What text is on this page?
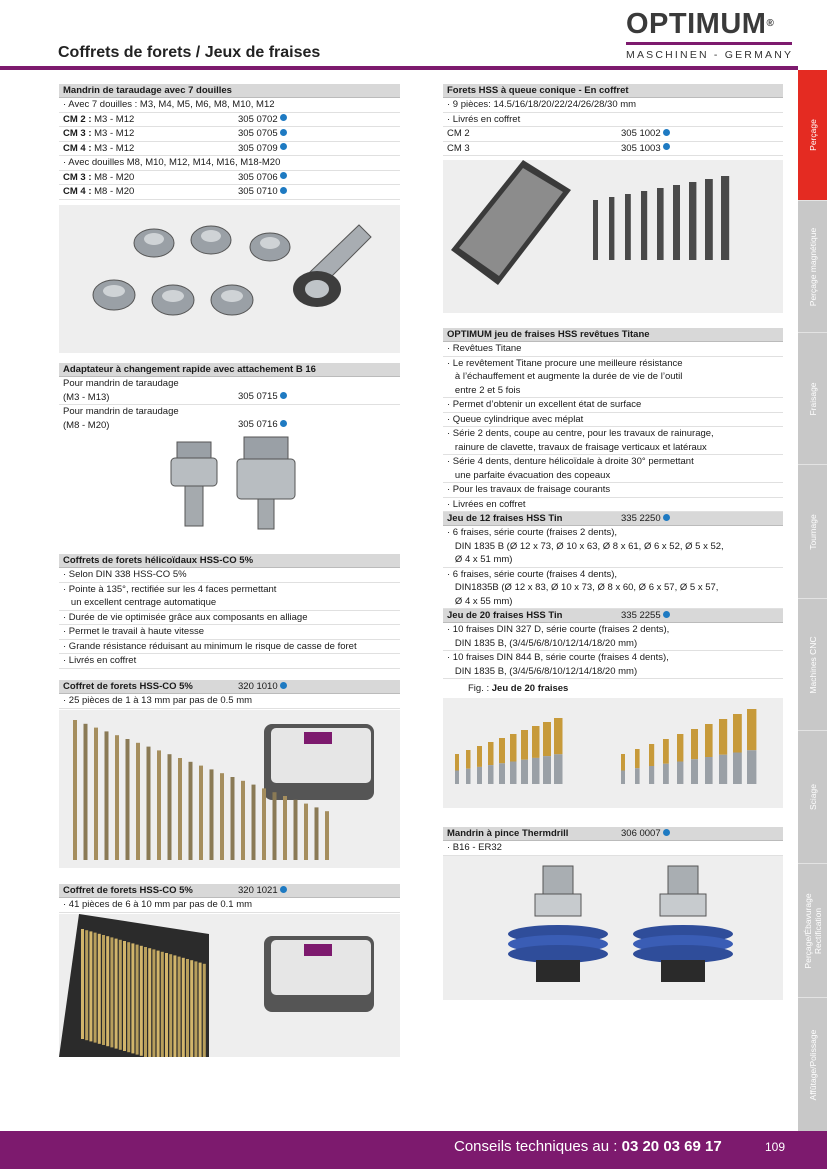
Coffrets de forets / Jeux de fraises
OPTIMUM®
MASCHINEN - GERMANY
Perçage
Perçage magnétique
Fraisage
Tournage
Machines CNC
Sciage
Perçage/Ébavurage Rectification
Affûtage/Polissage
Mandrin de taraudage avec 7 douilles
· Avec 7 douilles : M3, M4, M5, M6, M8, M10, M12
CM 2 : M3 - M12	305 0702
CM 3 : M3 - M12	305 0705
CM 4 : M3 - M12	305 0709
· Avec douilles M8, M10, M12, M14, M16, M18-M20
CM 3 : M8 - M20	305 0706
CM 4 : M8 - M20	305 0710
Adaptateur à changement rapide avec attachement B 16
Pour mandrin de taraudage
(M3 - M13)	305 0715
Pour mandrin de taraudage
(M8 - M20)	305 0716
Coffrets de forets hélicoïdaux HSS-CO 5%
· Selon DIN 338 HSS-CO 5%
· Pointe à 135°, rectifiée sur les 4 faces permettant
un excellent centrage automatique
· Durée de vie optimisée grâce aux composants en alliage
· Permet le travail à haute vitesse
· Grande résistance réduisant au minimum le risque de casse de foret
· Livrés en coffret
Coffret de forets HSS-CO 5%	320 1010
· 25 pièces de 1 à 13 mm par pas de 0.5 mm
Coffret de forets HSS-CO 5%	320 1021
· 41 pièces de 6 à 10 mm par pas de 0.1 mm
Forets HSS à queue conique - En coffret
· 9 pièces: 14.5/16/18/20/22/24/26/28/30 mm
· Livrés en coffret
CM 2	305 1002
CM 3	305 1003
OPTIMUM jeu de fraises HSS revêtues Titane
· Revêtues Titane
· Le revêtement Titane procure une meilleure résistance
à l’échauffement et augmente la durée de vie de l’outil
entre 2 et 5 fois
· Permet d’obtenir un excellent état de surface
· Queue cylindrique avec méplat
· Série 2 dents, coupe au centre, pour les travaux de rainurage,
rainure de clavette, travaux de fraisage verticaux et latéraux
· Série 4 dents, denture hélicoïdale à droite 30° permettant
une parfaite évacuation des copeaux
· Pour les travaux de fraisage courants
· Livrées en coffret
Jeu de 12 fraises HSS Tin	335 2250
· 6 fraises, série courte (fraises 2 dents),
DIN 1835 B (Ø 12 x 73, Ø 10 x 63, Ø 8 x 61, Ø 6 x 52, Ø 5 x 52,
Ø 4 x 51 mm)
· 6 fraises, série courte (fraises 4 dents),
DIN1835B (Ø 12 x 83, Ø 10 x 73, Ø 8 x 60, Ø 6 x 57, Ø 5 x 57,
Ø 4 x 55 mm)
Jeu de 20 fraises HSS Tin	335 2255
· 10 fraises DIN 327 D, série courte (fraises 2 dents),
DIN 1835 B, (3/4/5/6/8/10/12/14/18/20 mm)
· 10 fraises DIN 844 B, série courte (fraises 4 dents),
DIN 1835 B, (3/4/5/6/8/10/12/14/18/20 mm)
Fig. : Jeu de 20 fraises
Mandrin à pince Thermdrill	306 0007
· B16 - ER32
Conseils techniques au : 03 20 03 69 17	109
